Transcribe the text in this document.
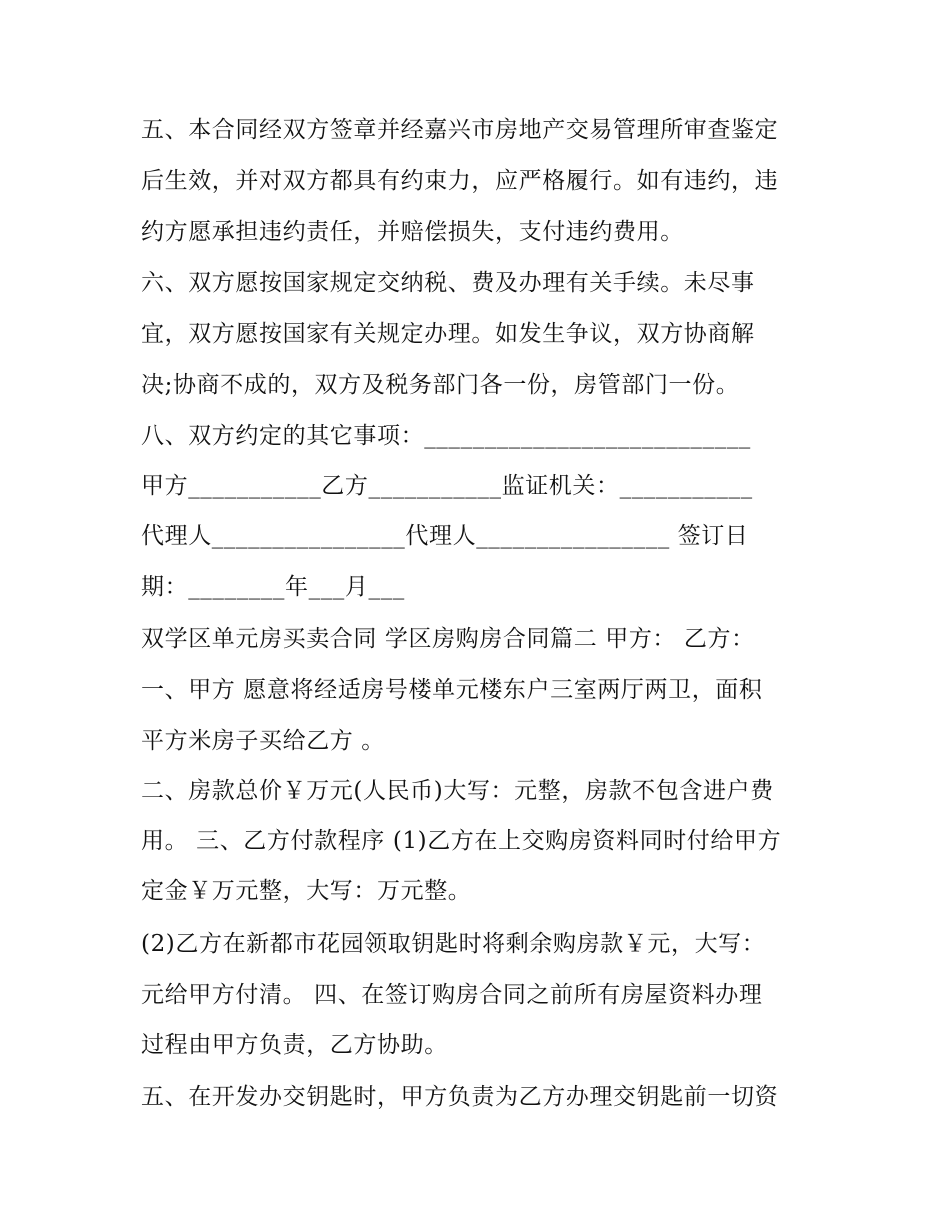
五、本合同经双方签章并经嘉兴市房地产交易管理所审查鉴定
后生效，并对双方都具有约束力，应严格履行。如有违约，违
约方愿承担违约责任，并赔偿损失，支付违约费用。
六、双方愿按国家规定交纳税、费及办理有关手续。未尽事
宜，双方愿按国家有关规定办理。如发生争议，双方协商解
决;协商不成的，双方及税务部门各一份，房管部门一份。
八、双方约定的其它事项：___________________________
甲方___________乙方___________监证机关：___________
代理人________________代理人________________ 签订日
期：________年___月___
双学区单元房买卖合同 学区房购房合同篇二 甲方： 乙方：
一、甲方 愿意将经适房号楼单元楼东户三室两厅两卫，面积
平方米房子买给乙方 。
二、房款总价￥万元(人民币)大写：元整，房款不包含进户费
用。 三、乙方付款程序 (1)乙方在上交购房资料同时付给甲方
定金￥万元整，大写：万元整。
(2)乙方在新都市花园领取钥匙时将剩余购房款￥元，大写：
元给甲方付清。 四、在签订购房合同之前所有房屋资料办理
过程由甲方负责，乙方协助。
五、在开发办交钥匙时，甲方负责为乙方办理交钥匙前一切资
